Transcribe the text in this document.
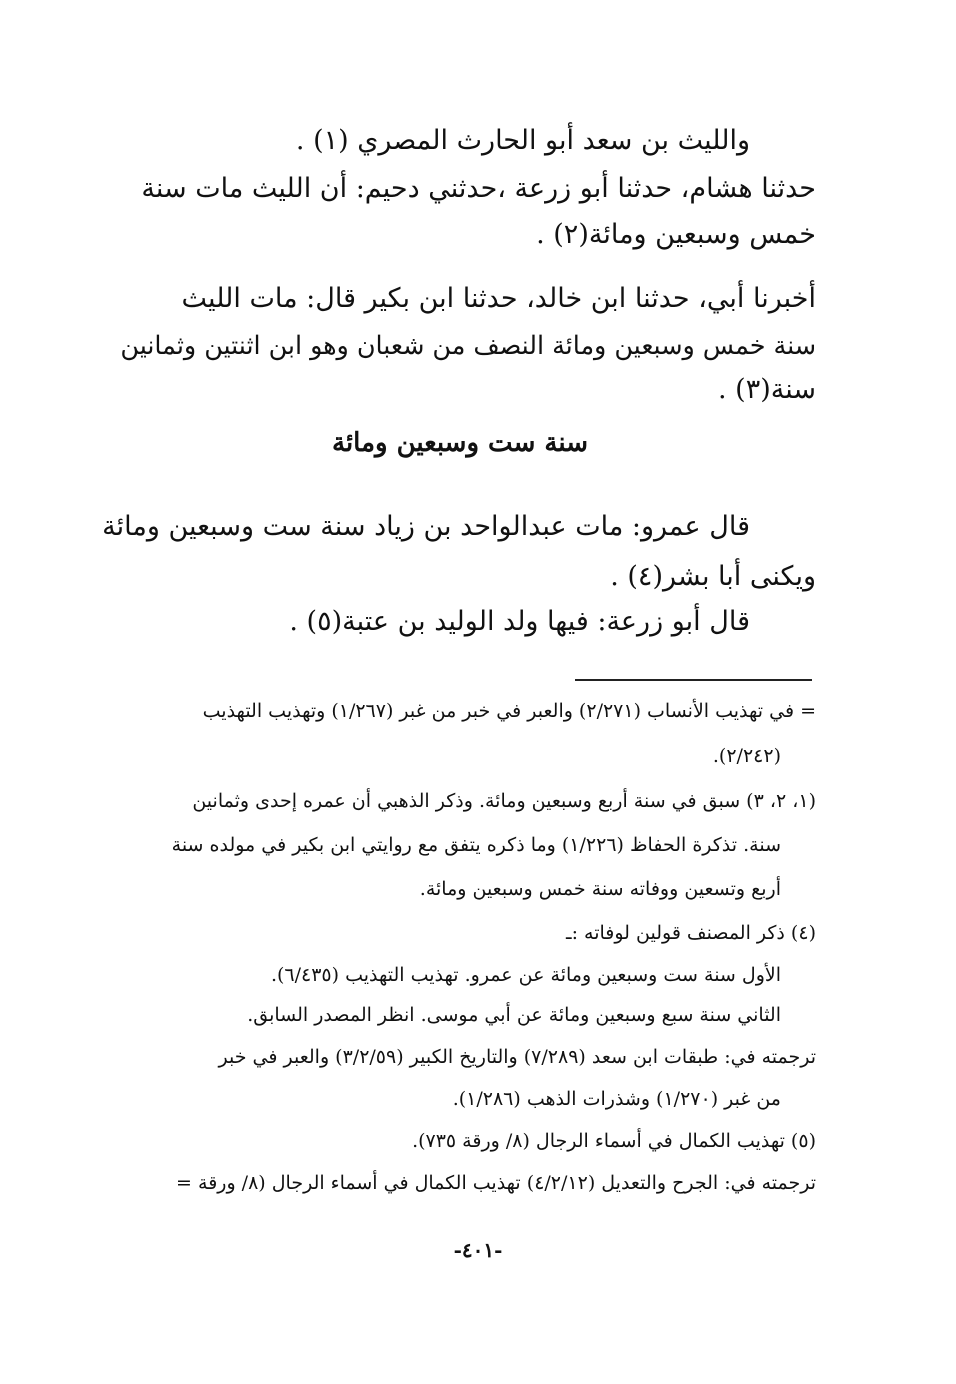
والليث بن سعد أبو الحارث المصري (١) .
حدثنا هشام، حدثنا أبو زرعة ،حدثني دحيم: أن الليث مات سنة
خمس وسبعين ومائة(٢) .
أخبرنا أبي، حدثنا ابن خالد، حدثنا ابن بكير قال: مات الليث
سنة خمس وسبعين ومائة النصف من شعبان وهو ابن اثنتين وثمانين
سنة(٣) .
سنة ست وسبعين ومائة
قال عمرو: مات عبدالواحد بن زياد سنة ست وسبعين ومائة
ويكنى أبا بشر(٤) .
قال أبو زرعة: فيها ولد الوليد بن عتبة(٥) .
= في تهذيب الأنساب (٢/٢٧١) والعبر في خبر من غبر (١/٢٦٧) وتهذيب التهذيب
(٢/٢٤٢).
(١، ٢، ٣) سبق في سنة أربع وسبعين ومائة. وذكر الذهبي أن عمره إحدى وثمانين
سنة. تذكرة الحفاظ (١/٢٢٦) وما ذكره يتفق مع روايتي ابن بكير في مولده سنة
أربع وتسعين ووفاته سنة خمس وسبعين ومائة.
(٤) ذكر المصنف قولين لوفاته :ـ
الأول سنة ست وسبعين ومائة عن عمرو. تهذيب التهذيب (٦/٤٣٥).
الثاني سنة سبع وسبعين ومائة عن أبي موسى. انظر المصدر السابق.
ترجمته في: طبقات ابن سعد (٧/٢٨٩) والتاريخ الكبير (٣/٢/٥٩) والعبر في خبر
من غبر (١/٢٧٠) وشذرات الذهب (١/٢٨٦).
(٥) تهذيب الكمال في أسماء الرجال (٨/ ورقة ٧٣٥).
ترجمته في: الجرح والتعديل (٤/٢/١٢) تهذيب الكمال في أسماء الرجال (٨/ ورقة =
-٤٠١-
